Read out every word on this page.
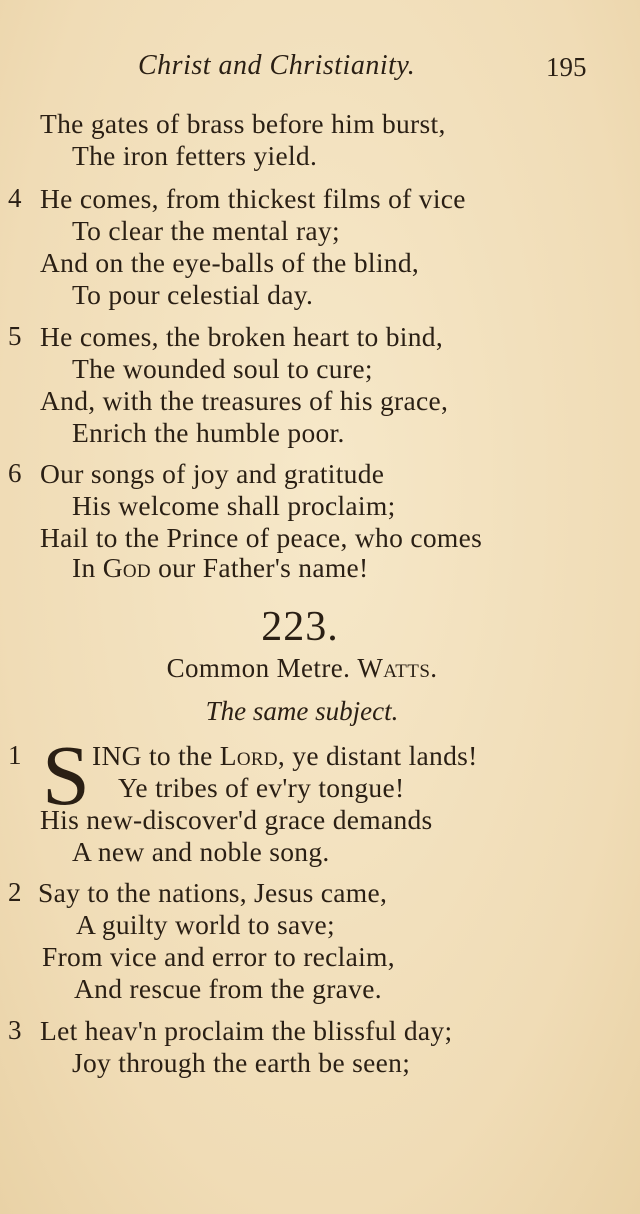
Christ and Christianity.	195
The gates of brass before him burst,
The iron fetters yield.
4 He comes, from thickest films of vice
To clear the mental ray;
And on the eye-balls of the blind,
To pour celestial day.
5 He comes, the broken heart to bind,
The wounded soul to cure;
And, with the treasures of his grace,
Enrich the humble poor.
6 Our songs of joy and gratitude
His welcome shall proclaim;
Hail to the Prince of peace, who comes
In God our Father's name!
223.
Common Metre. Watts.
The same subject.
1 S ING to the Lord, ye distant lands!
Ye tribes of ev'ry tongue!
His new-discover'd grace demands
A new and noble song.
2 Say to the nations, Jesus came,
A guilty world to save;
From vice and error to reclaim,
And rescue from the grave.
3 Let heav'n proclaim the blissful day;
Joy through the earth be seen;
